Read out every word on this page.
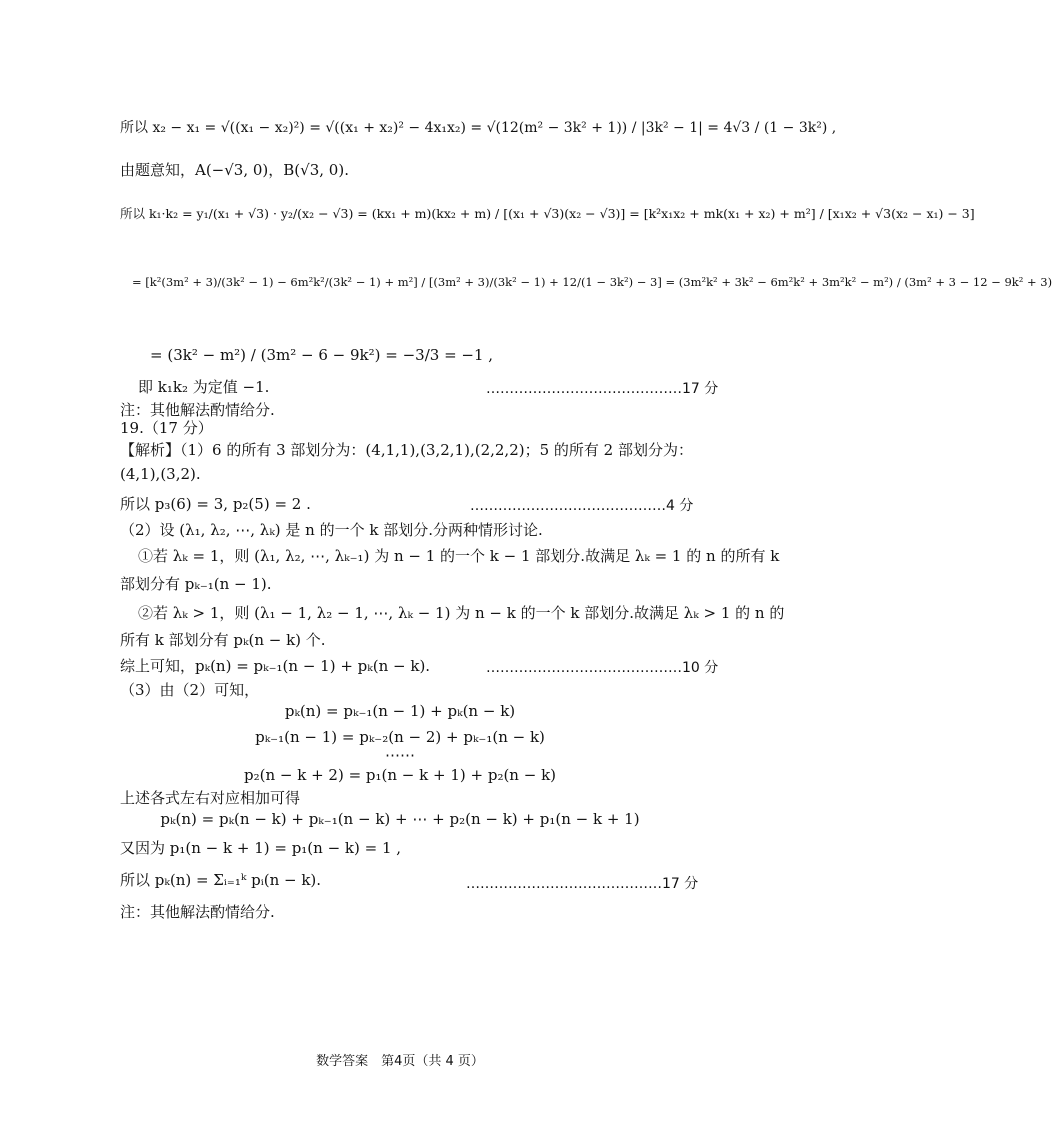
所以 x₂ − x₁ = √((x₁ − x₂)²) = √((x₁ + x₂)² − 4x₁x₂) = √(12(m² − 3k² + 1)) / |3k² − 1| = 4√3 / (1 − 3k²) ,
由题意知，A(−√3, 0)，B(√3, 0).
所以 k₁·k₂ = y₁/(x₁ + √3) · y₂/(x₂ − √3) = (kx₁ + m)(kx₂ + m) / [(x₁ + √3)(x₂ − √3)] = [k²x₁x₂ + mk(x₁ + x₂) + m²] / [x₁x₂ + √3(x₂ − x₁) − 3]
= [k²(3m² + 3)/(3k² − 1) − 6m²k²/(3k² − 1) + m²] / [(3m² + 3)/(3k² − 1) + 12/(1 − 3k²) − 3] = (3m²k² + 3k² − 6m²k² + 3m²k² − m²) / (3m² + 3 − 12 − 9k² + 3)
= (3k² − m²) / (3m² − 6 − 9k²) = −3/3 = −1 ,
即 k₁k₂ 为定值 −1.	……………………………………17 分
注：其他解法酌情给分.
19.（17 分）
【解析】（1）6 的所有 3 部划分为：(4,1,1),(3,2,1),(2,2,2)；5 的所有 2 部划分为：
(4,1),(3,2).
所以 p₃(6) = 3, p₂(5) = 2 .	……………………………………4 分
（2）设 (λ₁, λ₂, ⋯, λₖ) 是 n 的一个 k 部划分.分两种情形讨论.
①若 λₖ = 1，则 (λ₁, λ₂, ⋯, λₖ₋₁) 为 n − 1 的一个 k − 1 部划分.故满足 λₖ = 1 的 n 的所有 k
部划分有 pₖ₋₁(n − 1).
②若 λₖ > 1，则 (λ₁ − 1, λ₂ − 1, ⋯, λₖ − 1) 为 n − k 的一个 k 部划分.故满足 λₖ > 1 的 n 的
所有 k 部划分有 pₖ(n − k) 个.
综上可知，pₖ(n) = pₖ₋₁(n − 1) + pₖ(n − k).	……………………………………10 分
（3）由（2）可知，
pₖ(n) = pₖ₋₁(n − 1) + pₖ(n − k)
pₖ₋₁(n − 1) = pₖ₋₂(n − 2) + pₖ₋₁(n − k)
⋯⋯
p₂(n − k + 2) = p₁(n − k + 1) + p₂(n − k)
上述各式左右对应相加可得
pₖ(n) = pₖ(n − k) + pₖ₋₁(n − k) + ⋯ + p₂(n − k) + p₁(n − k + 1)
又因为 p₁(n − k + 1) = p₁(n − k) = 1 ,
所以 pₖ(n) = Σᵢ₌₁ᵏ pᵢ(n − k).	……………………………………17 分
注：其他解法酌情给分.
数学答案　第4页（共 4 页）
